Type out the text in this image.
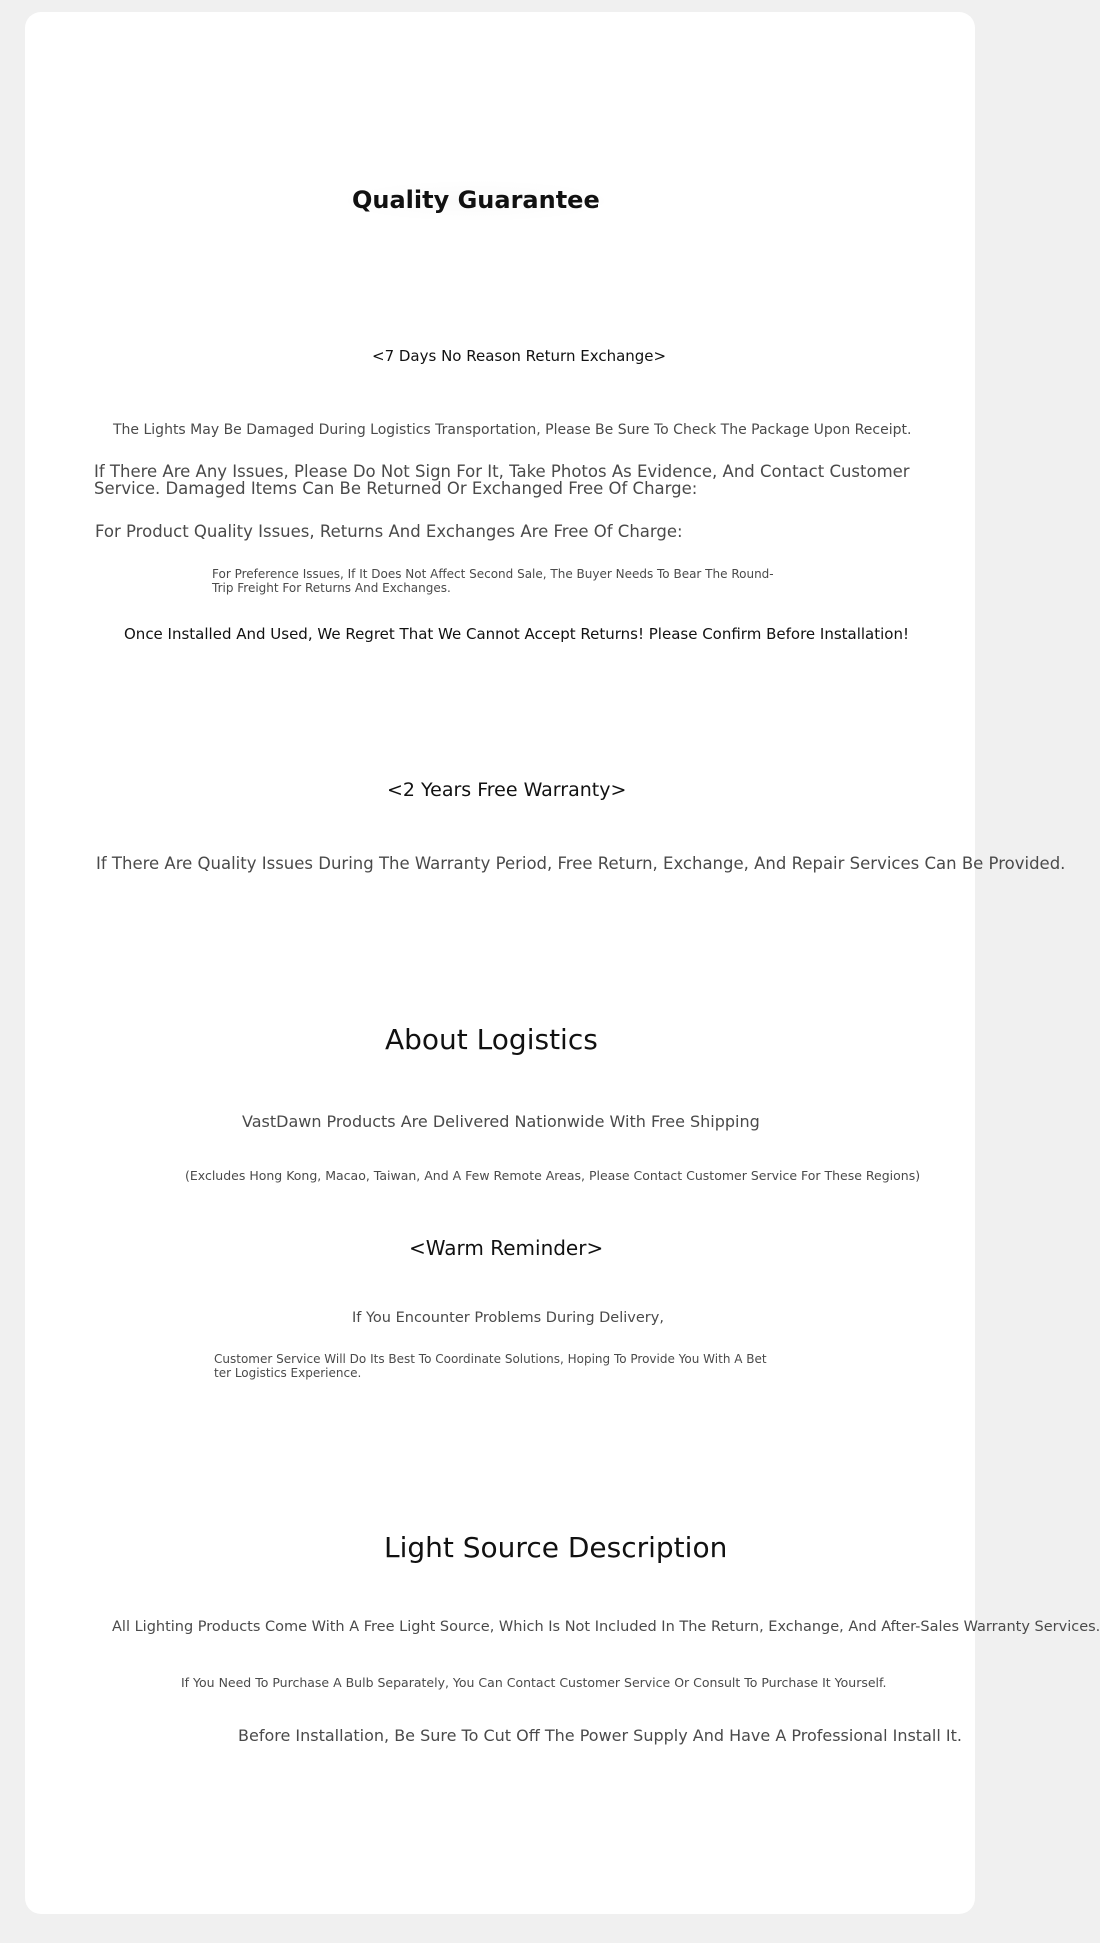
Quality Guarantee
<7 Days No Reason Return Exchange>
The Lights May Be Damaged During Logistics Transportation, Please Be Sure To Check The Package Upon Receipt.
If There Are Any Issues, Please Do Not Sign For It, Take Photos As Evidence, And Contact Customer Service. Damaged Items Can Be Returned Or Exchanged Free Of Charge:
For Product Quality Issues, Returns And Exchanges Are Free Of Charge:
For Preference Issues, If It Does Not Affect Second Sale, The Buyer Needs To Bear The Round-Trip Freight For Returns And Exchanges.
Once Installed And Used, We Regret That We Cannot Accept Returns! Please Confirm Before Installation!
<2 Years Free Warranty>
If There Are Quality Issues During The Warranty Period, Free Return, Exchange, And Repair Services Can Be Provided.
About Logistics
VastDawn Products Are Delivered Nationwide With Free Shipping
(Excludes Hong Kong, Macao, Taiwan, And A Few Remote Areas, Please Contact Customer Service For These Regions)
<Warm Reminder>
If You Encounter Problems During Delivery,
Customer Service Will Do Its Best To Coordinate Solutions, Hoping To Provide You With A Better Logistics Experience.
Light Source Description
All Lighting Products Come With A Free Light Source, Which Is Not Included In The Return, Exchange, And After-Sales Warranty Services.
If You Need To Purchase A Bulb Separately, You Can Contact Customer Service Or Consult To Purchase It Yourself.
Before Installation, Be Sure To Cut Off The Power Supply And Have A Professional Install It.
